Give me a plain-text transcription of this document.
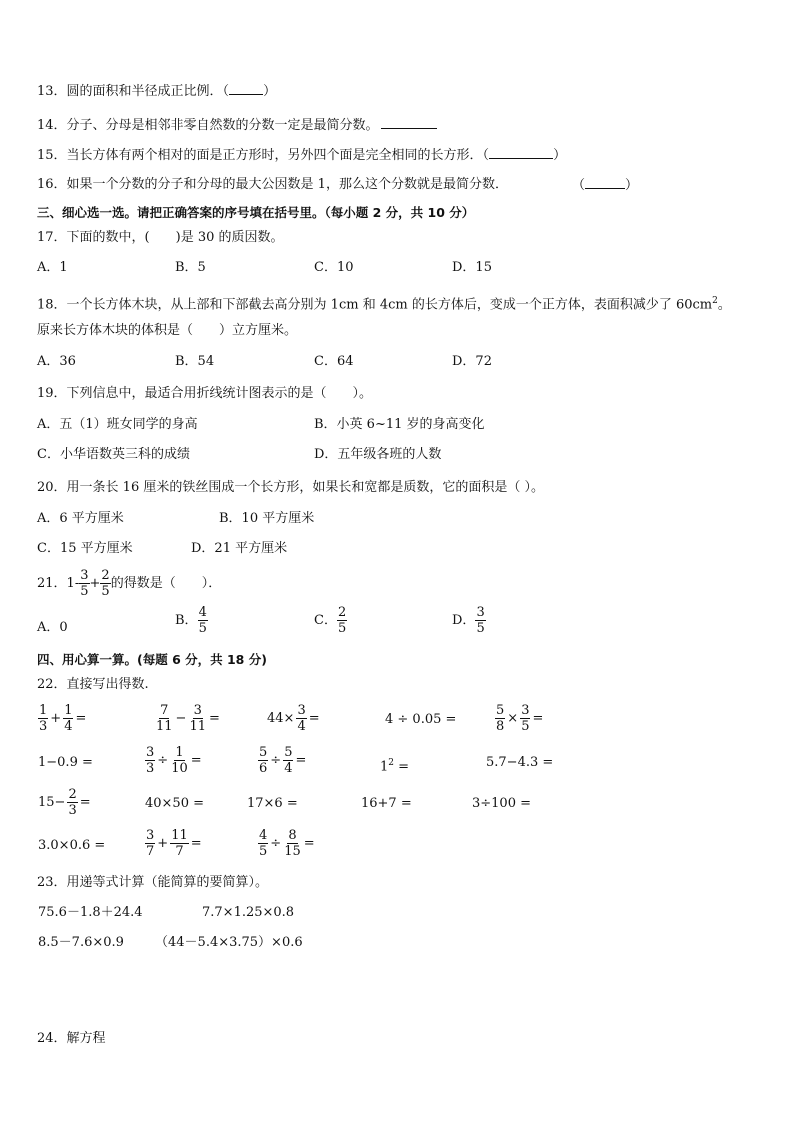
13．圆的面积和半径成正比例．（	）
14．分子、分母是相邻非零自然数的分数一定是最简分数。
15．当长方体有两个相对的面是正方形时，另外四个面是完全相同的长方形．（	）
16．如果一个分数的分子和分母的最大公因数是 1，那么这个分数就是最简分数．	（	）
三、细心选一选。请把正确答案的序号填在括号里。（每小题 2 分，共 10 分）
17．下面的数中，(　　)是 30 的质因数。
A．1	B．5	C．10	D．15
18．一个长方体木块，从上部和下部截去高分别为 1cm 和 4cm 的长方体后，变成一个正方体，表面积减少了 $60cm^2$。
原来长方体木块的体积是（　　）立方厘米。
A．36	B．54	C．64	D．72
19．下列信息中，最适合用折线统计图表示的是（　　）。
A．五（1）班女同学的身高	B．小英 6~11 岁的身高变化
C．小华语数英三科的成绩	D．五年级各班的人数
20．用一条长 16 厘米的铁丝围成一个长方形，如果长和宽都是质数，它的面积是（ ）。
A．6 平方厘米	B．10 平方厘米
C．15 平方厘米	D．21 平方厘米
21． $1- \frac{3}{5} + \frac{2}{5}$ 的得数是（　　）．
A．0	B． $\frac{4}{5}$	C． $\frac{2}{5}$	D． $\frac{3}{5}$
四、用心算一算。(每题 6 分，共 18 分)
22．直接写出得数.
$\frac{1}{3} + \frac{1}{4}$ =	$\frac{7}{11} - \frac{3}{11}$ =	$44\times \frac{3}{4}$ =	4 ÷ 0.05 =	$\frac{5}{8} \times \frac{3}{5}$ =
1−0.9 =	$\frac{3}{3} \div \frac{1}{10}$ =	$\frac{5}{6} \div \frac{5}{4}$ =	$1^2$ =	5.7−4.3 =
$15- \frac{2}{3}$ =	40×50 =	17×6 =	16+7 =	3÷100 =
3.0×0.6 =	$\frac{3}{7} + \frac{11}{7}$ =	$\frac{4}{5} \div \frac{8}{15}$ =
23．用递等式计算（能简算的要简算）。
75.6－1.8＋24.4	7.7×1.25×0.8
8.5－7.6×0.9 （44－5.4×3.75）×0.6
24．解方程
